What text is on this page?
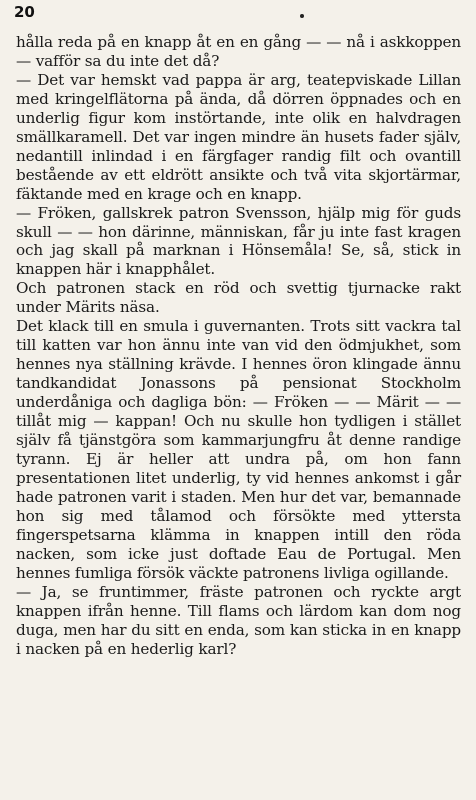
20

hålla reda på en knapp åt en en gång — — nå i askkoppen — vafför sa du inte det då?

— Det var hemskt vad pappa är arg, teatерviskade Lillan med kringelflätorna på ända, då dörren öppnades och en underlig figur kom instörtande, inte olik en halvdragen smällkaramell. Det var ingen mindre än husets fader själv, nedantill inlindad i en färgfager randig filt och ovantill bestående av ett eldrött ansikte och två vita skjortärmar, fäktande med en krage och en knapp.

— Fröken, gallskrek patron Svensson, hjälp mig för guds skull — — hon därinne, människan, får ju inte fast kragen och jag skall på marknan i Hönsemåla! Se, så, stick in knappen här i knapphålet.

Och patronen stack en röd och svettig tjurnacke rakt under Märits näsa.

Det klack till en smula i guvernanten. Trots sitt vackra tal till katten var hon ännu inte van vid den ödmjukhet, som hennes nya ställning krävde. I hennes öron klingade ännu tandkandidat Jonassons på pensionat Stockholm underdåniga och dagliga bön: — Fröken — — Märit — — tillåt mig — kappan! Och nu skulle hon tydligen i stället själv få tjänstgöra som kammarjungfru åt denne randige tyrann. Ej är heller att undra på, om hon fann presentationen litet underlig, ty vid hennes ankomst i går hade patronen varit i staden. Men hur det var, bemannade hon sig med tålamod och försökte med yttersta fingerspetsarna klämma in knappen intill den röda nacken, som icke just doftade Eau de Portugal. Men hennes fumliga försök väckte patronens livliga ogillande.

— Ja, se fruntimmer, fräste patronen och ryckte argt knappen ifrån henne. Till flams och lärdom kan dom nog duga, men har du sitt en enda, som kan sticka in en knapp i nacken på en hederlig karl?
